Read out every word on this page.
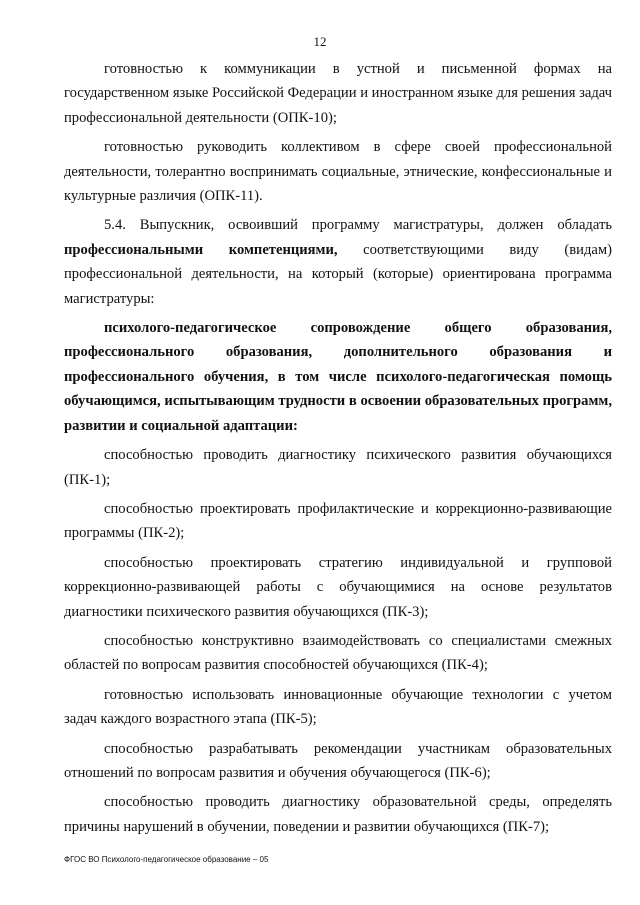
12

готовностью к коммуникации в устной и письменной формах на государственном языке Российской Федерации и иностранном языке для решения задач профессиональной деятельности (ОПК-10);

готовностью руководить коллективом в сфере своей профессиональной деятельности, толерантно воспринимать социальные, этнические, конфессиональные и культурные различия (ОПК-11).

5.4. Выпускник, освоивший программу магистратуры, должен обладать профессиональными компетенциями, соответствующими виду (видам) профессиональной деятельности, на который (которые) ориентирована программа магистратуры:

психолого-педагогическое сопровождение общего образования, профессионального образования, дополнительного образования и профессионального обучения, в том числе психолого-педагогическая помощь обучающимся, испытывающим трудности в освоении образовательных программ, развитии и социальной адаптации:

способностью проводить диагностику психического развития обучающихся (ПК-1);

способностью проектировать профилактические и коррекционно-развивающие программы (ПК-2);

способностью проектировать стратегию индивидуальной и групповой коррекционно-развивающей работы с обучающимися на основе результатов диагностики психического развития обучающихся (ПК-3);

способностью конструктивно взаимодействовать со специалистами смежных областей по вопросам развития способностей обучающихся (ПК-4);

готовностью использовать инновационные обучающие технологии с учетом задач каждого возрастного этапа (ПК-5);

способностью разрабатывать рекомендации участникам образовательных отношений по вопросам развития и обучения обучающегося (ПК-6);

способностью проводить диагностику образовательной среды, определять причины нарушений в обучении, поведении и развитии обучающихся (ПК-7);

ФГОС ВО Психолого-педагогическое образование – 05
